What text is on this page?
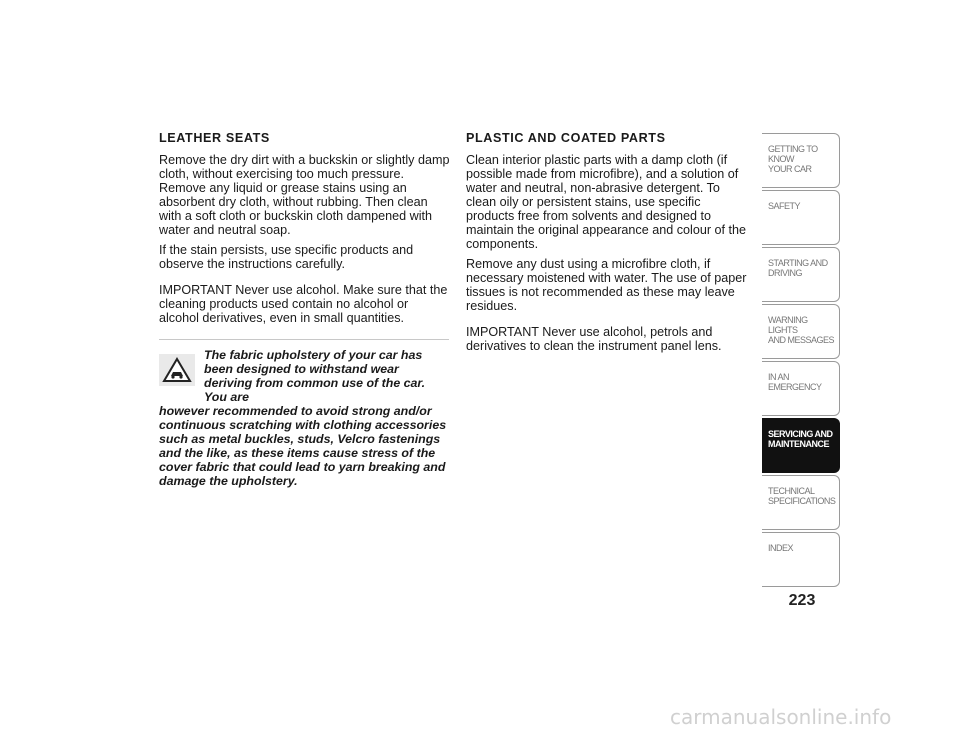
LEATHER SEATS

Remove the dry dirt with a buckskin or slightly damp cloth, without exercising too much pressure. Remove any liquid or grease stains using an absorbent dry cloth, without rubbing. Then clean with a soft cloth or buckskin cloth dampened with water and neutral soap.

If the stain persists, use specific products and observe the instructions carefully.

IMPORTANT Never use alcohol. Make sure that the cleaning products used contain no alcohol or alcohol derivatives, even in small quantities.

The fabric upholstery of your car has been designed to withstand wear deriving from common use of the car. You are
however recommended to avoid strong and/or continuous scratching with clothing accessories such as metal buckles, studs, Velcro fastenings and the like, as these items cause stress of the cover fabric that could lead to yarn breaking and damage the upholstery.
PLASTIC AND COATED PARTS

Clean interior plastic parts with a damp cloth (if possible made from microfibre), and a solution of water and neutral, non-abrasive detergent. To clean oily or persistent stains, use specific products free from solvents and designed to maintain the original appearance and colour of the components.

Remove any dust using a microfibre cloth, if necessary moistened with water. The use of paper tissues is not recommended as these may leave residues.

IMPORTANT Never use alcohol, petrols and derivatives to clean the instrument panel lens.

GETTING TO KNOW
YOUR CAR
SAFETY
STARTING AND
DRIVING
WARNING LIGHTS
AND MESSAGES
IN AN EMERGENCY
SERVICING AND
MAINTENANCE
TECHNICAL
SPECIFICATIONS
INDEX
223
carmanualsonline.info
